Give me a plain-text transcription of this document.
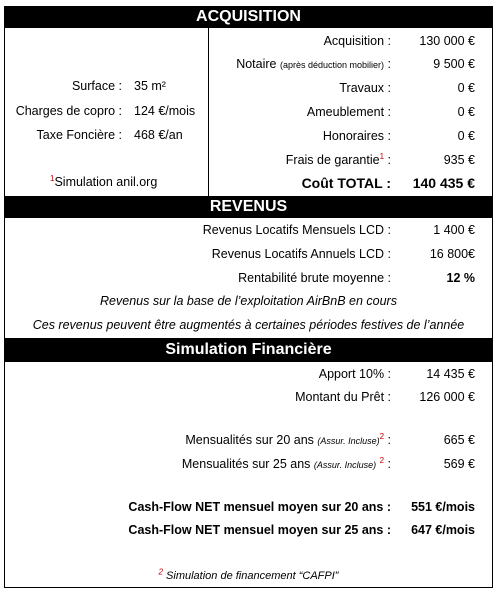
ACQUISITION
Surface : 35 m²
Charges de copro : 124 €/mois
Taxe Foncière : 468 €/an
$^1$Simulation anil.org
Acquisition : 130 000 €
Notaire (après déduction mobilier) :	9 500 €
Travaux :	0 €
Ameublement :	0 €
Honoraires :	0 €
Frais de garantie$^1$ :	935 €
Coût TOTAL : 140 435 €
REVENUS
Revenus Locatifs Mensuels LCD :	1 400 €
Revenus Locatifs Annuels LCD :	16 800€
Rentabilité brute moyenne :	12 %
Revenus sur la base de l’exploitation AirBnB en cours
Ces revenus peuvent être augmentés à certaines périodes festives de l’année
Simulation Financière
Apport 10% :	14 435 €
Montant du Prêt : 126 000 €
Mensualités sur 20 ans (Assur. Incluse)$^2$ :	665 €
Mensualités sur 25 ans (Assur. Incluse) $^2$ :	569 €
Cash-Flow NET mensuel moyen sur 20 ans : 551 €/mois
Cash-Flow NET mensuel moyen sur 25 ans : 647 €/mois
$^2$ Simulation de financement “CAFPI”
